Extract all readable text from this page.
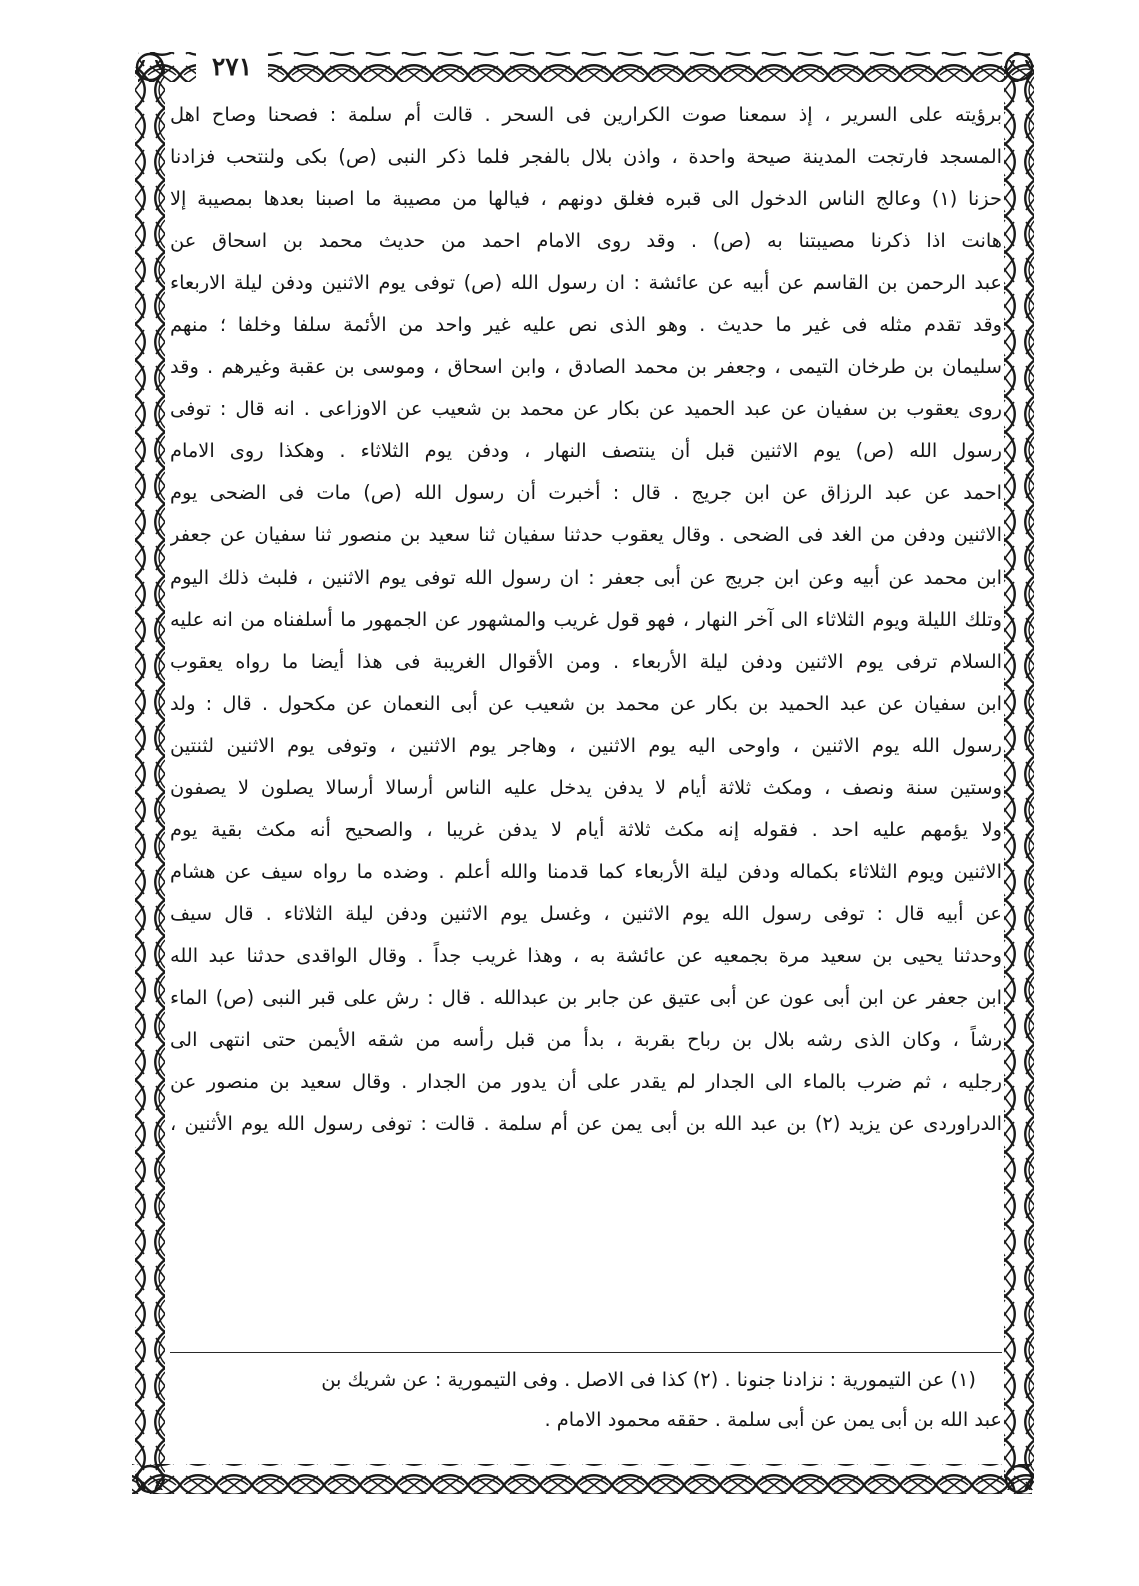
٢٧١
برؤيته على السرير ، إذ سمعنا صوت الكرارين فى السحر . قالت أم سلمة : فصحنا وصاح اهل
المسجد فارتجت المدينة صيحة واحدة ، واذن بلال بالفجر فلما ذكر النبى (ص) بكى ولنتحب فزادنا
حزنا (١) وعالج الناس الدخول الى قبره فغلق دونهم ، فيالها من مصيبة ما اصبنا بعدها بمصيبة إلا
هانت اذا ذكرنا مصيبتنا به (ص) . وقد روى الامام احمد من حديث محمد بن اسحاق عن
عبد الرحمن بن القاسم عن أبيه عن عائشة : ان رسول الله (ص) توفى يوم الاثنين ودفن ليلة الاربعاء
وقد تقدم مثله فى غير ما حديث . وهو الذى نص عليه غير واحد من الأئمة سلفا وخلفا ؛ منهم
سليمان بن طرخان التيمى ، وجعفر بن محمد الصادق ، وابن اسحاق ، وموسى بن عقبة وغيرهم . وقد
روى يعقوب بن سفيان عن عبد الحميد عن بكار عن محمد بن شعيب عن الاوزاعى . انه قال : توفى
رسول الله (ص) يوم الاثنين قبل أن ينتصف النهار ، ودفن يوم الثلاثاء . وهكذا روى الامام
احمد عن عبد الرزاق عن ابن جريج . قال : أخبرت أن رسول الله (ص) مات فى الضحى يوم
الاثنين ودفن من الغد فى الضحى . وقال يعقوب حدثنا سفيان ثنا سعيد بن منصور ثنا سفيان عن جعفر
ابن محمد عن أبيه وعن ابن جريج عن أبى جعفر : ان رسول الله توفى يوم الاثنين ، فلبث ذلك اليوم
وتلك الليلة ويوم الثلاثاء الى آخر النهار ، فهو قول غريب والمشهور عن الجمهور ما أسلفناه من انه عليه
السلام ترفى يوم الاثنين ودفن ليلة الأربعاء . ومن الأقوال الغريبة فى هذا أيضا ما رواه يعقوب
ابن سفيان عن عبد الحميد بن بكار عن محمد بن شعيب عن أبى النعمان عن مكحول . قال : ولد
رسول الله يوم الاثنين ، واوحى اليه يوم الاثنين ، وهاجر يوم الاثنين ، وتوفى يوم الاثنين لثنتين
وستين سنة ونصف ، ومكث ثلاثة أيام لا يدفن يدخل عليه الناس أرسالا أرسالا يصلون لا يصفون
ولا يؤمهم عليه احد . فقوله إنه مكث ثلاثة أيام لا يدفن غريبا ، والصحيح أنه مكث بقية يوم
الاثنين ويوم الثلاثاء بكماله ودفن ليلة الأربعاء كما قدمنا والله أعلم . وضده ما رواه سيف عن هشام
عن أبيه قال : توفى رسول الله يوم الاثنين ، وغسل يوم الاثنين ودفن ليلة الثلاثاء . قال سيف
وحدثنا يحيى بن سعيد مرة بجمعيه عن عائشة به ، وهذا غريب جداً . وقال الواقدى حدثنا عبد الله
ابن جعفر عن ابن أبى عون عن أبى عتيق عن جابر بن عبدالله . قال : رش على قبر النبى (ص) الماء
رشاً ، وكان الذى رشه بلال بن رباح بقربة ، بدأ من قبل رأسه من شقه الأيمن حتى انتهى الى
رجليه ، ثم ضرب بالماء الى الجدار لم يقدر على أن يدور من الجدار . وقال سعيد بن منصور عن
الدراوردى عن يزيد (٢) بن عبد الله بن أبى يمن عن أم سلمة . قالت : توفى رسول الله يوم الأثنين ،
(١) عن التيمورية : نزادنا جنونا . (٢) كذا فى الاصل . وفى التيمورية : عن شريك بن
عبد الله بن أبى يمن عن أبى سلمة . حققه محمود الامام .
